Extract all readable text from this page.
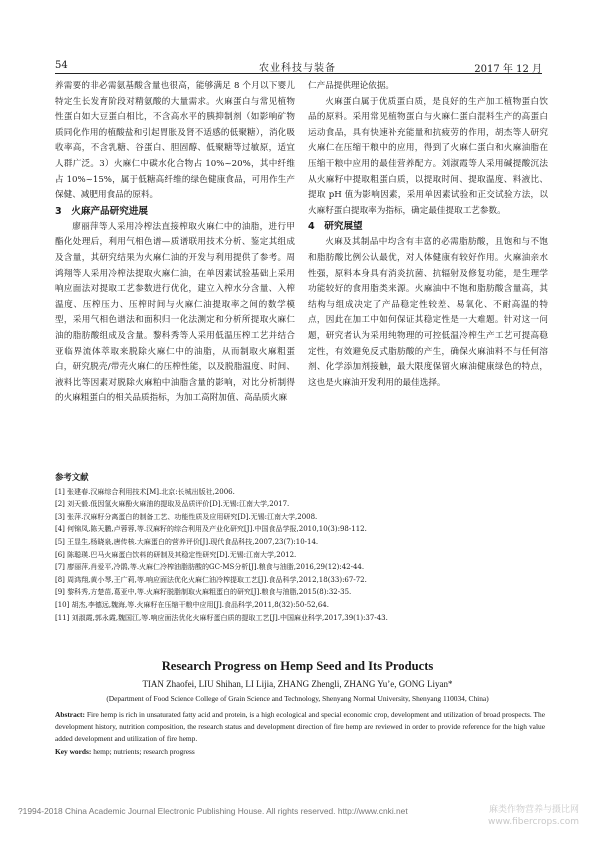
54	农业科技与装备	2017 年 12 月

养需要的非必需氨基酸含量也很高，能够满足 8 个月以下婴儿特定生长发育阶段对精氨酸的大量需求。火麻蛋白与常见植物性蛋白如大豆蛋白相比，不含高水平的胰抑制剂（如影响矿物质同化作用的植酸盐和引起胃胀及肾不适感的低聚糖），消化吸收率高，不含乳糖、谷蛋白、胆固醇、低聚糖等过敏原，适宜人群广泛。3）火麻仁中碳水化合物占 10%~20%，其中纤维占 10%~15%，属于低糖高纤维的绿色健康食品，可用作生产保健、减肥用食品的原料。

3　火麻产品研究进展

廖丽萍等人采用冷榨法直接榨取火麻仁中的油脂，进行甲酯化处理后，利用气相色谱—质谱联用技术分析、鉴定其组成及含量，其研究结果为火麻仁油的开发与利用提供了参考。周鸿翔等人采用冷榨法提取火麻仁油，在单因素试验基础上采用响应面法对提取工艺参数进行优化，建立入榨水分含量、入榨温度、压榨压力、压榨时间与火麻仁油提取率之间的数学模型，采用气相色谱法和面积归一化法测定和分析所提取火麻仁油的脂肪酸组成及含量。黎科秀等人采用低温压榨工艺并结合亚临界流体萃取来脱除火麻仁中的油脂，从而制取火麻粗蛋白，研究脱壳/带壳火麻仁的压榨性能，以及脱脂温度、时间、液料比等因素对脱除火麻粕中油脂含量的影响，对比分析制得的火麻粗蛋白的相关品质指标，为加工高附加值、高品质火麻

仁产品提供理论依据。

火麻蛋白属于优质蛋白质，是良好的生产加工植物蛋白饮品的原料。采用常见植物蛋白与火麻仁蛋白混料生产的高蛋白运动食品，具有快速补充能量和抗疲劳的作用，胡杰等人研究火麻仁在压缩干粮中的应用，得到了火麻仁蛋白和火麻油脂在压缩干粮中应用的最佳营养配方。刘淑霞等人采用碱提酸沉法从火麻籽中提取粗蛋白质，以提取时间、提取温度、料液比、提取 pH 值为影响因素，采用单因素试验和正交试验方法，以火麻籽蛋白提取率为指标，确定最佳提取工艺参数。

4　研究展望

火麻及其制品中均含有丰富的必需脂肪酸，且饱和与不饱和脂肪酸比例公认最优，对人体健康有较好作用。火麻油亲水性强，原料本身具有消炎抗菌、抗辐射及修复功能，是生理学功能较好的食用脂类来源。火麻油中不饱和脂肪酸含量高，其结构与组成决定了产品稳定性较差、易氧化、不耐高温的特点，因此在加工中如何保证其稳定性是一大难题。针对这一问题，研究者认为采用纯物理的可控低温冷榨生产工艺可提高稳定性，有效避免反式脂肪酸的产生，确保火麻油料不与任何溶剂、化学添加剂接触，最大限度保留火麻油健康绿色的特点，这也是火麻油开发利用的最佳选择。

参考文献
[1] 张建春.汉麻综合利用技术[M].北京:长城出版社,2006.
[2] 刘天毅.低因氢火麻酚火麻油的提取及品质评价[D].无锡:江南大学,2017.
[3] 张萍.汉麻籽分离蛋白的制备工艺、功能性质及应用研究[D].无锡:江南大学,2008.
[4] 何锦凤,陈天鹏,卢蓉蓉,等.汉麻籽的综合利用及产业化研究[J].中国食品学报,2010,10(3):98-112.
[5] 王显生,杨晓泉,唐传核.大麻蛋白的营养评价[J].现代食品科技,2007,23(7):10-14.
[6] 陈聪瑛.巴马火麻蛋白饮料的研制及其稳定性研究[D].无锡:江南大学,2012.
[7] 廖丽萍,肖爱平,冷鹃,等.火麻仁冷榨油脂肪酸的GC-MS分析[J].粮食与油脂,2016,29(12):42-44.
[8] 周鸿翔,黄小琴,王广莉,等.响应面法优化火麻仁油冷榨提取工艺[J].食品科学,2012,18(33):67-72.
[9] 黎科秀,方楚苗,葛亚中,等.火麻籽脱脂制取火麻粗蛋白的研究[J].粮食与油脂,2015(8):32-35.
[10] 胡杰,李德远,魏海,等.火麻籽在压缩干粮中应用[J].食品科学,2011,8(32):50-52,64.
[11] 刘淑霞,郭永霞,魏国江,等.响应面法优化火麻籽蛋白质的提取工艺[J].中国麻业科学,2017,39(1):37-43.
Research Progress on Hemp Seed and Its Products
TIAN Zhaofei, LIU Shihan, LI Lijia, ZHANG Zhengli, ZHANG Yu’e, GONG Liyan*
(Department of Food Science College of Grain Science and Technology, Shenyang Normal University, Shenyang 110034, China)
Abstract: Fire hemp is rich in unsaturated fatty acid and protein, is a high ecological and special economic crop, development and utilization of broad prospects. The development history, nutrition composition, the research status and development direction of fire hemp are reviewed in order to provide reference for the high value added development and utilization of fire hemp.
Key words: hemp; nutrients; research progress
?1994-2018 China Academic Journal Electronic Publishing House. All rights reserved. http://www.cnki.net	麻类作物营养与摄比网
www.fibercrops.com
